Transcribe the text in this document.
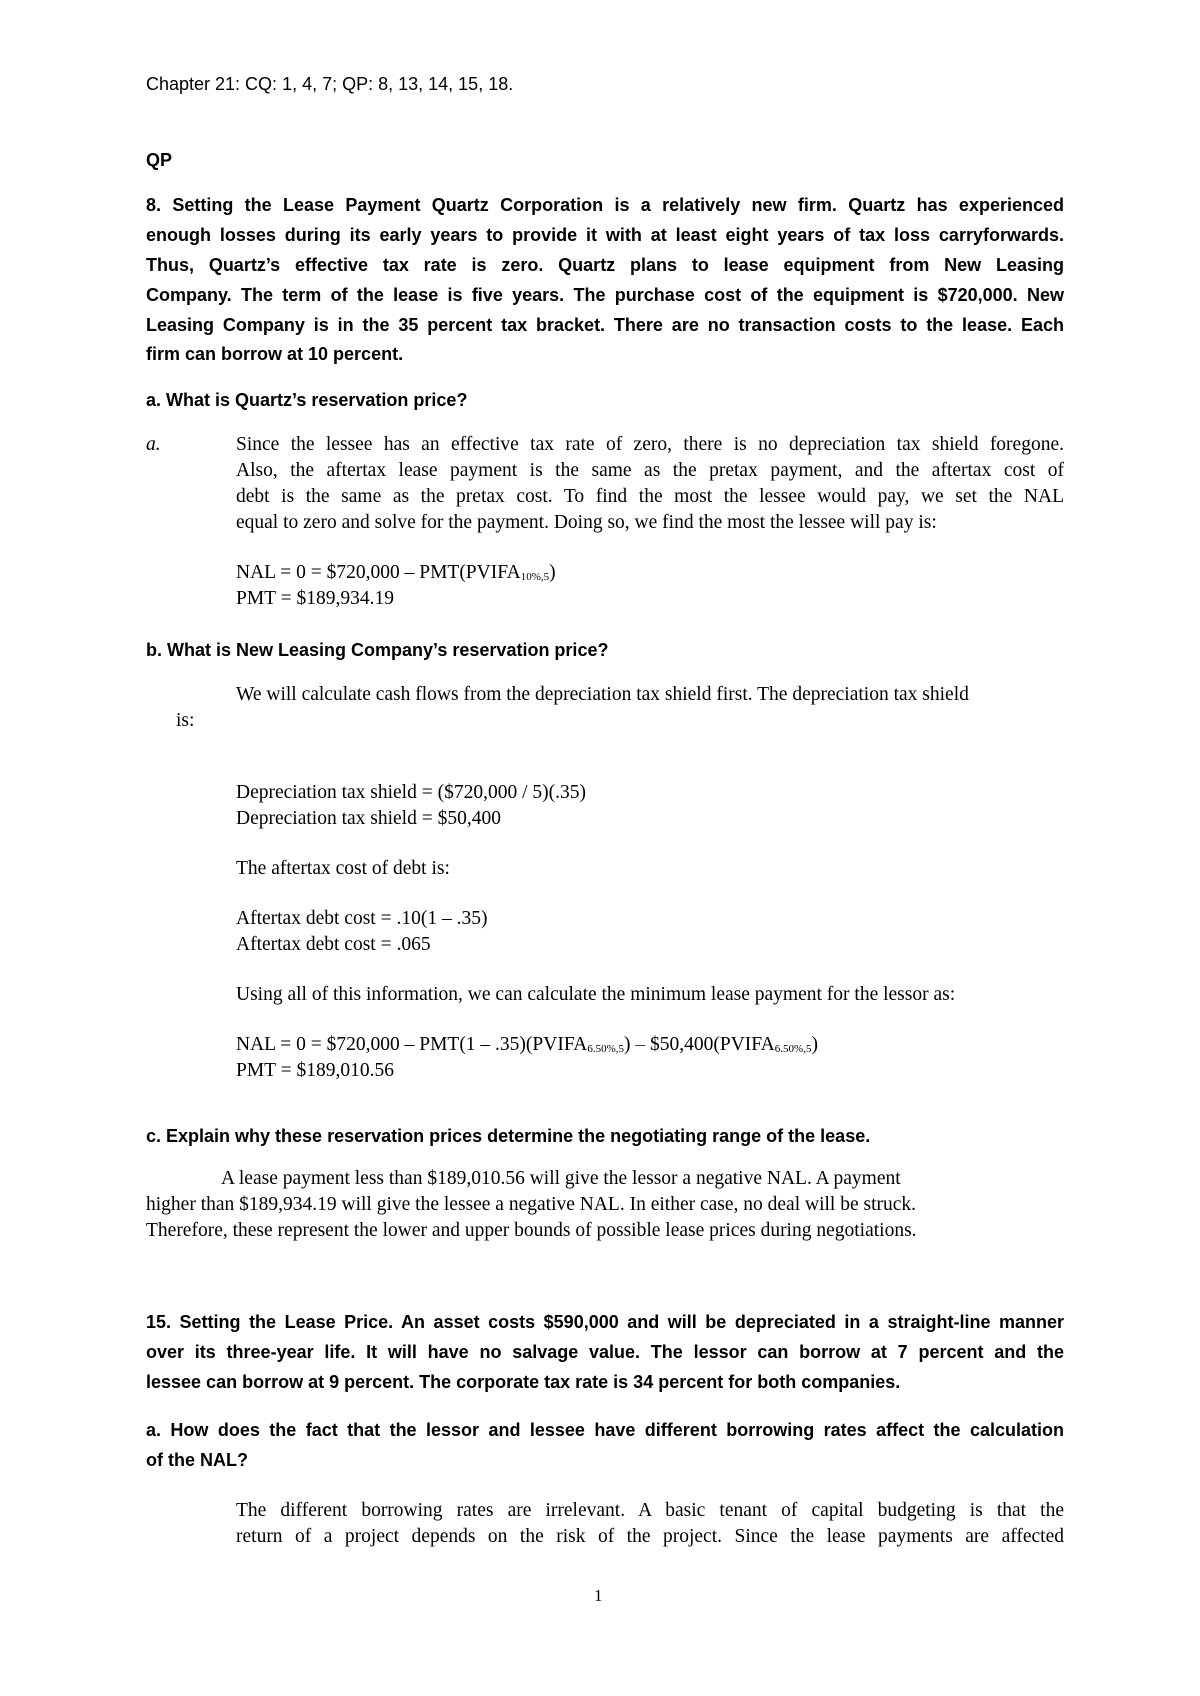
Chapter 21: CQ: 1, 4, 7; QP: 8, 13, 14, 15, 18.
QP
8. Setting the Lease Payment Quartz Corporation is a relatively new firm. Quartz has experienced
enough losses during its early years to provide it with at least eight years of tax loss carryforwards.
Thus, Quartz’s effective tax rate is zero. Quartz plans to lease equipment from New Leasing
Company. The term of the lease is five years. The purchase cost of the equipment is $720,000. New
Leasing Company is in the 35 percent tax bracket. There are no transaction costs to the lease. Each
firm can borrow at 10 percent.
a. What is Quartz’s reservation price?
a.	Since the lessee has an effective tax rate of zero, there is no depreciation tax shield foregone.
Also, the aftertax lease payment is the same as the pretax payment, and the aftertax cost of
debt is the same as the pretax cost. To find the most the lessee would pay, we set the NAL
equal to zero and solve for the payment. Doing so, we find the most the lessee will pay is:
NAL = 0 = $720,000 – $PMT(PVIFA_{10\%,5})$
PMT = $189,934.19
b. What is New Leasing Company’s reservation price?
We will calculate cash flows from the depreciation tax shield first. The depreciation tax shield
is:
Depreciation tax shield = ($720,000 / 5)(.35)
Depreciation tax shield = $50,400
The aftertax cost of debt is:
Aftertax debt cost = .10(1 – .35)
Aftertax debt cost = .065
Using all of this information, we can calculate the minimum lease payment for the lessor as:
NAL = 0 = $720,000 – $PMT(1 - .35)(PVIFA_{6.50\%,5})$ – $\$50,400(PVIFA_{6.50\%,5})$
PMT = $189,010.56
c. Explain why these reservation prices determine the negotiating range of the lease.
A lease payment less than $189,010.56 will give the lessor a negative NAL. A payment
higher than $189,934.19 will give the lessee a negative NAL. In either case, no deal will be struck.
Therefore, these represent the lower and upper bounds of possible lease prices during negotiations.
15. Setting the Lease Price. An asset costs $590,000 and will be depreciated in a straight-line manner
over its three-year life. It will have no salvage value. The lessor can borrow at 7 percent and the
lessee can borrow at 9 percent. The corporate tax rate is 34 percent for both companies.
a. How does the fact that the lessor and lessee have different borrowing rates affect the calculation
of the NAL?
The different borrowing rates are irrelevant. A basic tenant of capital budgeting is that the
return of a project depends on the risk of the project. Since the lease payments are affected
1
